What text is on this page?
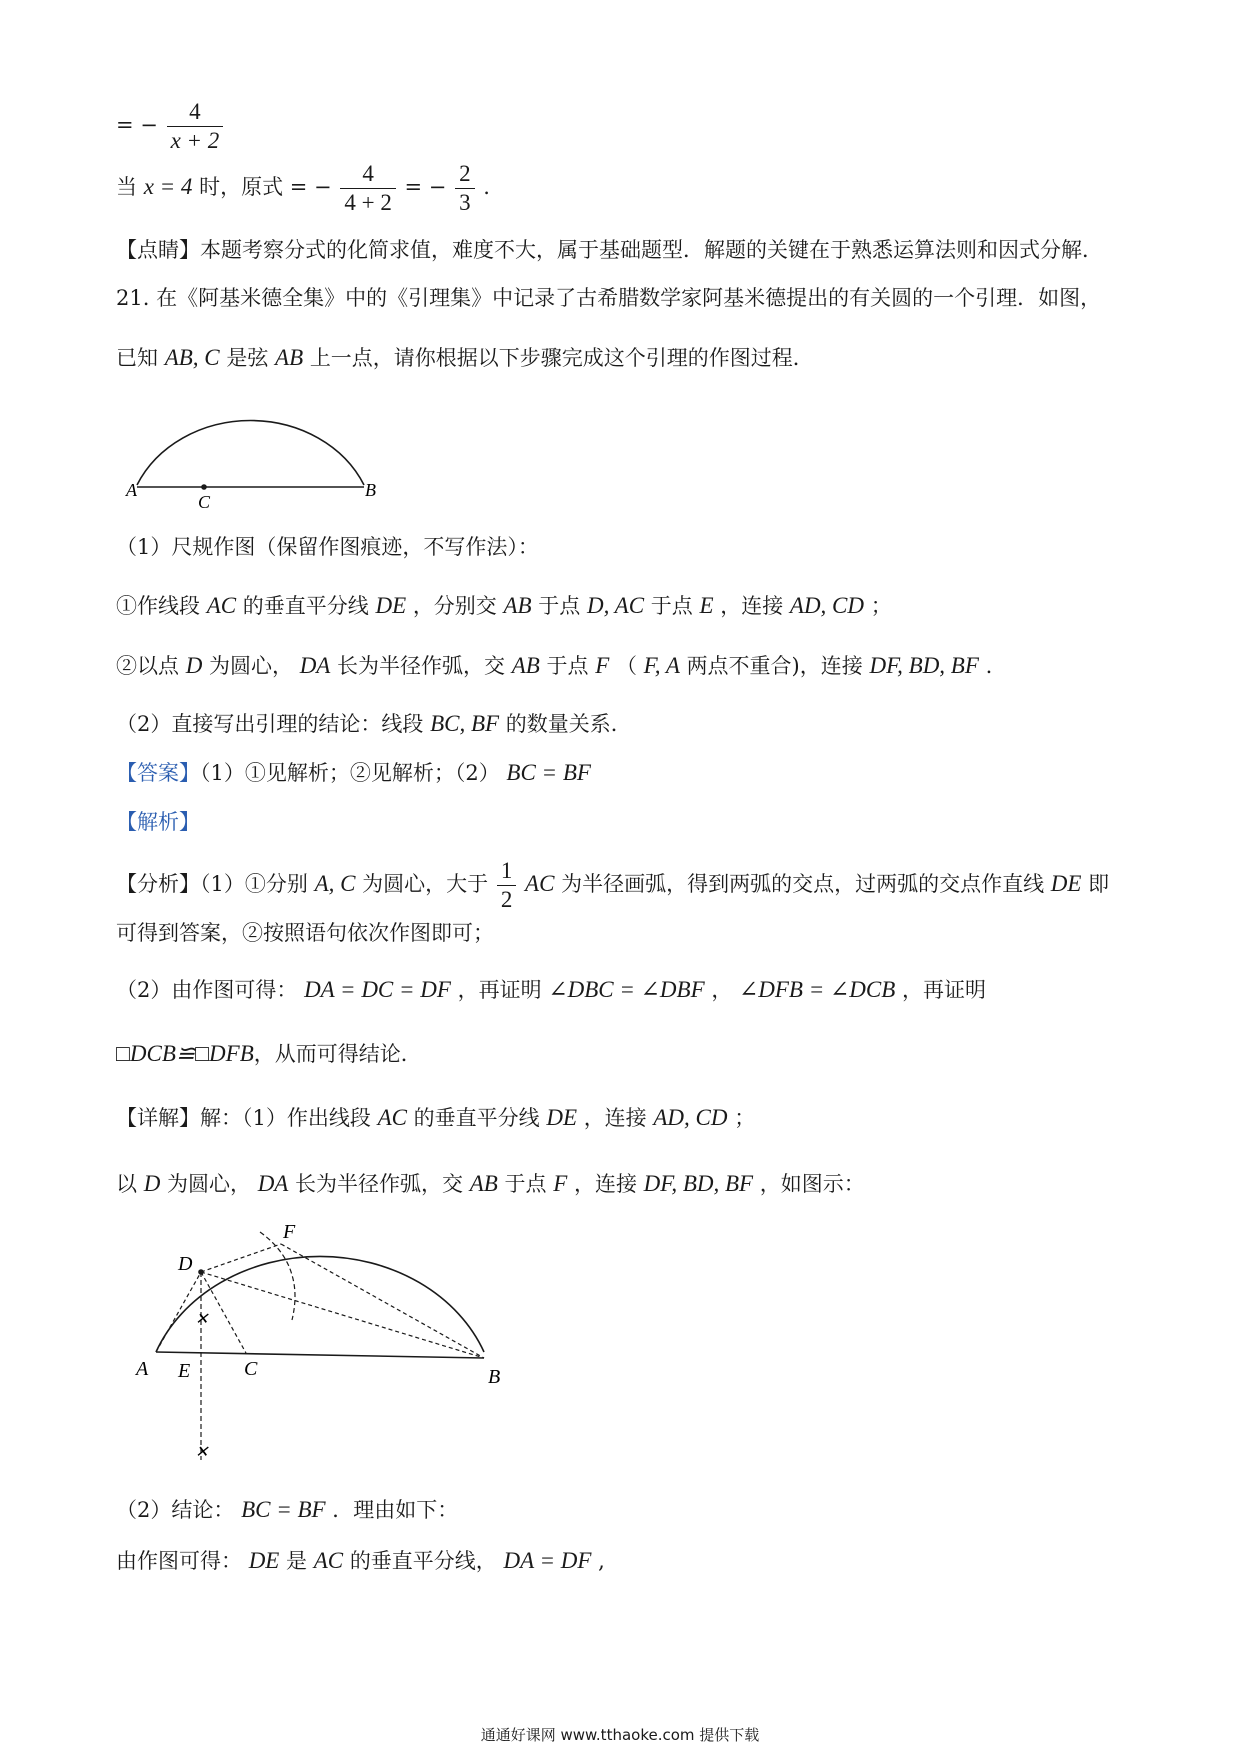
= − $\frac{4}{x + 2}$
当 x = 4 时，原式 = − $\frac{4}{4 + 2}$ = − $\frac{2}{3}$ .
【点睛】本题考察分式的化简求值，难度不大，属于基础题型．解题的关键在于熟悉运算法则和因式分解．
21. 在《阿基米德全集》中的《引理集》中记录了古希腊数学家阿基米德提出的有关圆的一个引理．如图，
已知 AB, C 是弦 AB 上一点，请你根据以下步骤完成这个引理的作图过程．
A	B
C
（1）尺规作图（保留作图痕迹，不写作法）：
①作线段 AC 的垂直平分线 DE ，分别交 AB 于点 D, AC 于点 E ，连接 AD, CD ；
②以点 D 为圆心， DA 长为半径作弧，交 AB 于点 F （ F, A 两点不重合)，连接 DF, BD, BF .
（2）直接写出引理的结论：线段 BC, BF 的数量关系．
【答案】（1）①见解析；②见解析；（2） BC = BF
【解析】
【分析】（1）①分别 A, C 为圆心，大于 $\frac{1}{2}$ AC 为半径画弧，得到两弧的交点，过两弧的交点作直线 DE 即
可得到答案，②按照语句依次作图即可；
（2）由作图可得： DA = DC = DF ，再证明 ∠DBC = ∠DBF ， ∠DFB = ∠DCB ，再证明
□DCB≌□DFB，从而可得结论．
【详解】解：（1）作出线段 AC 的垂直平分线 DE ，连接 AD, CD ；
以 D 为圆心， DA 长为半径作弧，交 AB 于点 F ，连接 DF, BD, BF ，如图示：
✕
✕
A	B
C
D
E
F
（2）结论： BC = BF ．理由如下：
由作图可得： DE 是 AC 的垂直平分线， DA = DF ,
通通好课网 www.tthaoke.com 提供下载
